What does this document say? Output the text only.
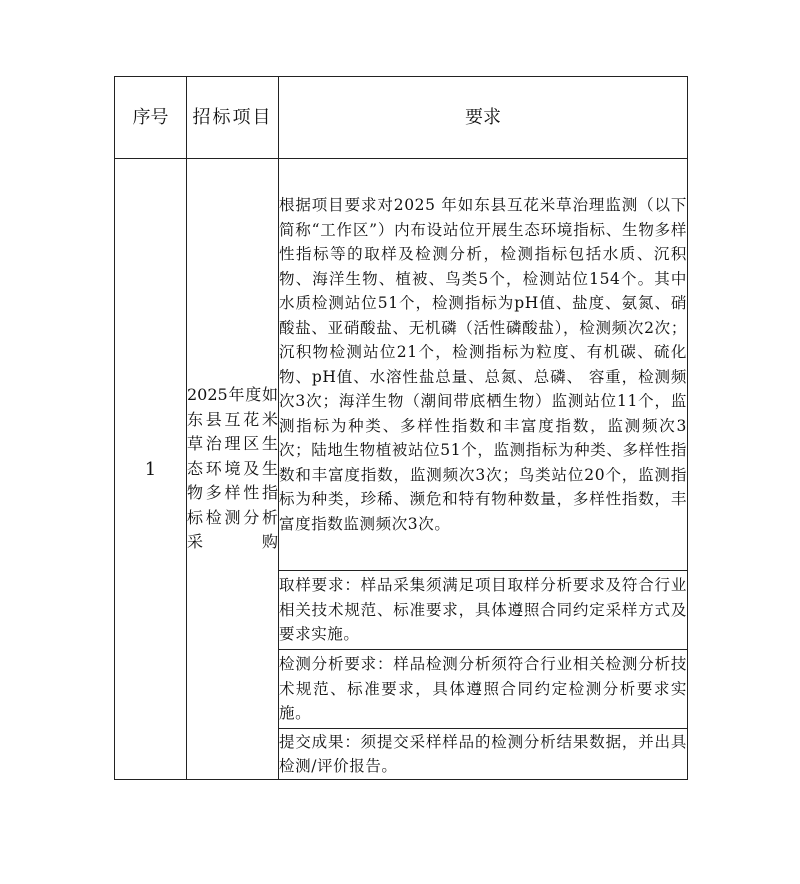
序号	招标项目	要求
1	2025年度如东县互花米草治理区生态环境及生物多样性指标检测分析采购	根据项目要求对2025 年如东县互花米草治理监测（以下简称“工作区”）内布设站位开展生态环境指标、生物多样性指标等的取样及检测分析，检测指标包括水质、沉积物、海洋生物、植被、鸟类5个，检测站位154个。其中水质检测站位51个，检测指标为pH值、盐度、氨氮、硝酸盐、亚硝酸盐、无机磷（活性磷酸盐），检测频次2次；沉积物检测站位21个，检测指标为粒度、有机碳、硫化物、pH值、水溶性盐总量、总氮、总磷、 容重，检测频次3次；海洋生物（潮间带底栖生物）监测站位11个，监测指标为种类、多样性指数和丰富度指数，监测频次3次；陆地生物植被站位51个，监测指标为种类、多样性指数和丰富度指数，监测频次3次；鸟类站位20个，监测指标为种类，珍稀、濒危和特有物种数量，多样性指数，丰富度指数监测频次3次。
		取样要求：样品采集须满足项目取样分析要求及符合行业相关技术规范、标准要求，具体遵照合同约定采样方式及要求实施。
		检测分析要求：样品检测分析须符合行业相关检测分析技术规范、标准要求，具体遵照合同约定检测分析要求实施。
		提交成果：须提交采样样品的检测分析结果数据，并出具检测/评价报告。
